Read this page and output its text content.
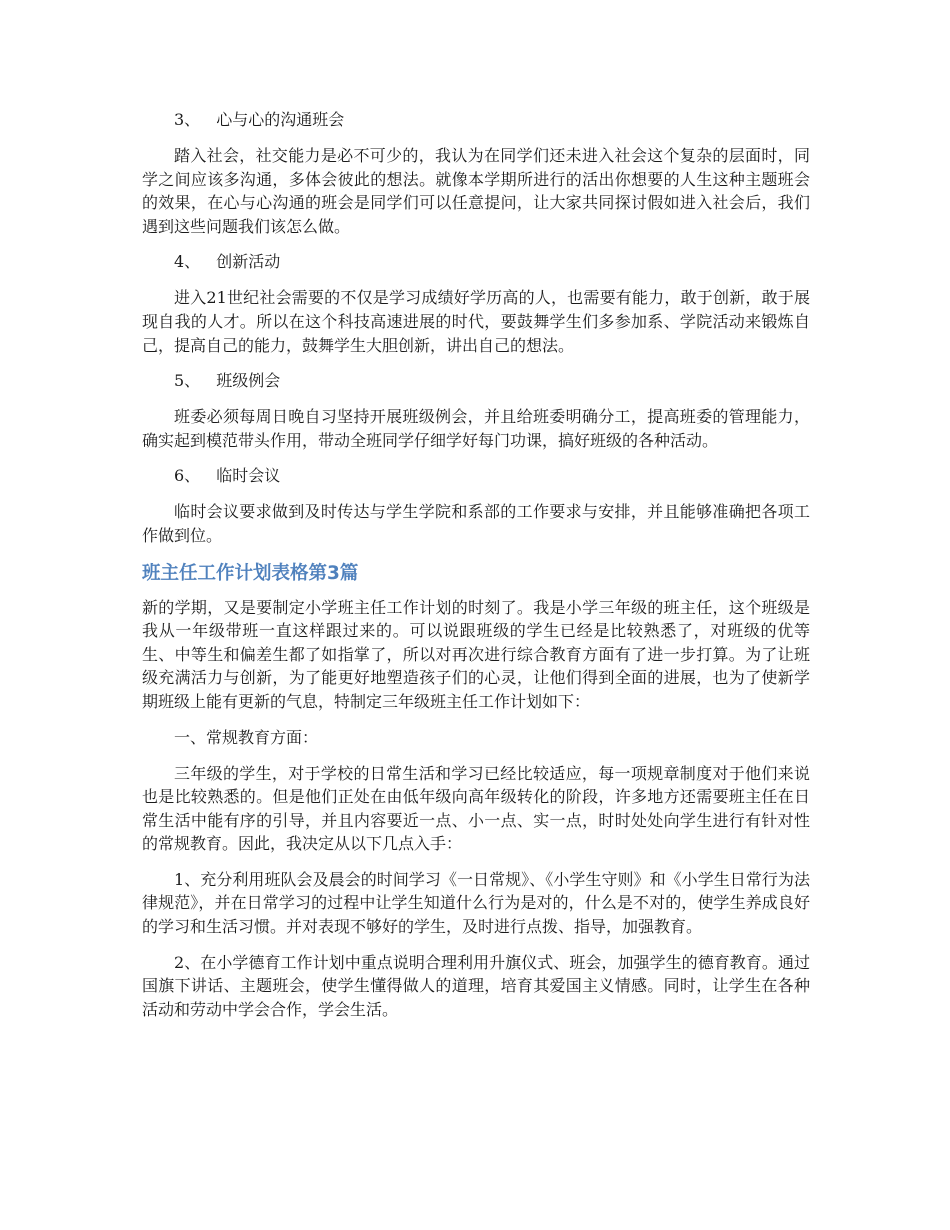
3、 心与心的沟通班会

踏入社会，社交能力是必不可少的，我认为在同学们还未进入社会这个复杂的层面时，同学之间应该多沟通，多体会彼此的想法。就像本学期所进行的活出你想要的人生这种主题班会的效果，在心与心沟通的班会是同学们可以任意提问，让大家共同探讨假如进入社会后，我们遇到这些问题我们该怎么做。

4、 创新活动

进入21世纪社会需要的不仅是学习成绩好学历高的人，也需要有能力，敢于创新，敢于展现自我的人才。所以在这个科技高速进展的时代，要鼓舞学生们多参加系、学院活动来锻炼自己，提高自己的能力，鼓舞学生大胆创新，讲出自己的想法。

5、 班级例会

班委必须每周日晚自习坚持开展班级例会，并且给班委明确分工，提高班委的管理能力，确实起到模范带头作用，带动全班同学仔细学好每门功课，搞好班级的各种活动。

6、 临时会议

临时会议要求做到及时传达与学生学院和系部的工作要求与安排，并且能够准确把各项工作做到位。

班主任工作计划表格第3篇

新的学期，又是要制定小学班主任工作计划的时刻了。我是小学三年级的班主任，这个班级是我从一年级带班一直这样跟过来的。可以说跟班级的学生已经是比较熟悉了，对班级的优等生、中等生和偏差生都了如指掌了，所以对再次进行综合教育方面有了进一步打算。为了让班级充满活力与创新，为了能更好地塑造孩子们的心灵，让他们得到全面的进展，也为了使新学期班级上能有更新的气息，特制定三年级班主任工作计划如下：

一、常规教育方面：

三年级的学生，对于学校的日常生活和学习已经比较适应，每一项规章制度对于他们来说也是比较熟悉的。但是他们正处在由低年级向高年级转化的阶段，许多地方还需要班主任在日常生活中能有序的引导，并且内容要近一点、小一点、实一点，时时处处向学生进行有针对性的常规教育。因此，我决定从以下几点入手：

1、充分利用班队会及晨会的时间学习《一日常规》、《小学生守则》和《小学生日常行为法律规范》，并在日常学习的过程中让学生知道什么行为是对的，什么是不对的，使学生养成良好的学习和生活习惯。并对表现不够好的学生，及时进行点拨、指导，加强教育。

2、在小学德育工作计划中重点说明合理利用升旗仪式、班会，加强学生的德育教育。通过国旗下讲话、主题班会，使学生懂得做人的道理，培育其爱国主义情感。同时，让学生在各种活动和劳动中学会合作，学会生活。
